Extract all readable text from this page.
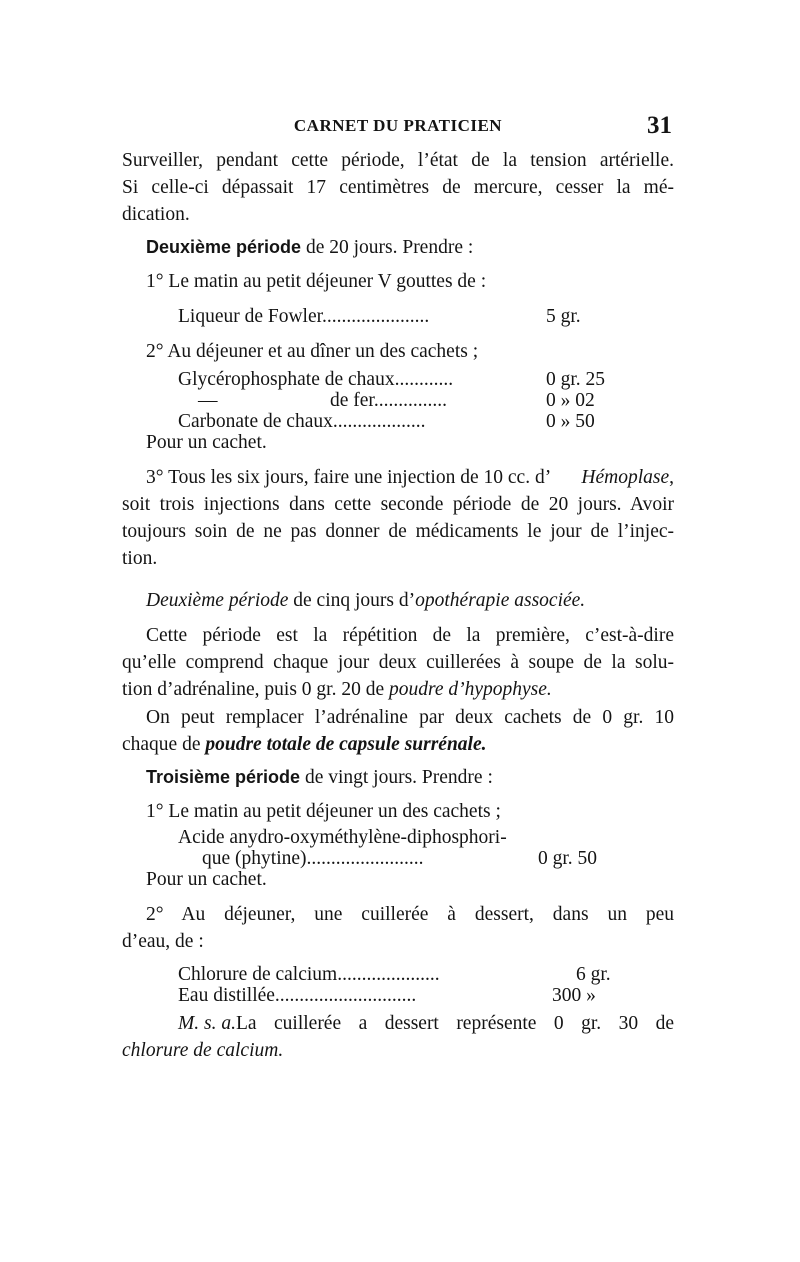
CARNET DU PRATICIEN	31
Surveiller, pendant cette période, l’état de la tension artérielle.
Si celle-ci dépassait 17 centimètres de mercure, cesser la mé-
dication.
Deuxième période de 20 jours. Prendre :
1° Le matin au petit déjeuner V gouttes de :
Liqueur de Fowler......................	5 gr.
2° Au déjeuner et au dîner un des cachets ;
Glycérophosphate de chaux............	0 gr. 25
—	de fer...............	0 » 02
Carbonate de chaux...................	0 » 50
Pour un cachet.
3° Tous les six jours, faire une injection de 10 cc. d’ Hémoplase ,
soit trois injections dans cette seconde période de 20 jours. Avoir
toujours soin de ne pas donner de médicaments le jour de l’injec-
tion.
Deuxième période de cinq jours d’opothérapie associée.
Cette période est la répétition de la première, c’est-à-dire
qu’elle comprend chaque jour deux cuillerées à soupe de la solu-
tion d’adrénaline, puis 0 gr. 20 de poudre d’hypophyse.
On peut remplacer l’adrénaline par deux cachets de 0 gr. 10
chaque de poudre totale de capsule surrénale.
Troisième période de vingt jours. Prendre :
1° Le matin au petit déjeuner un des cachets ;
Acide anydro-oxyméthylène-diphosphori-
que (phytine)........................	0 gr. 50
Pour un cachet.
2° Au déjeuner, une cuillerée à dessert, dans un peu
d’eau, de :
Chlorure de calcium.....................	6 gr.
Eau distillée.............................	300 »
M. s. a. La cuillerée a dessert représente 0 gr. 30 de
chlorure de calcium.
